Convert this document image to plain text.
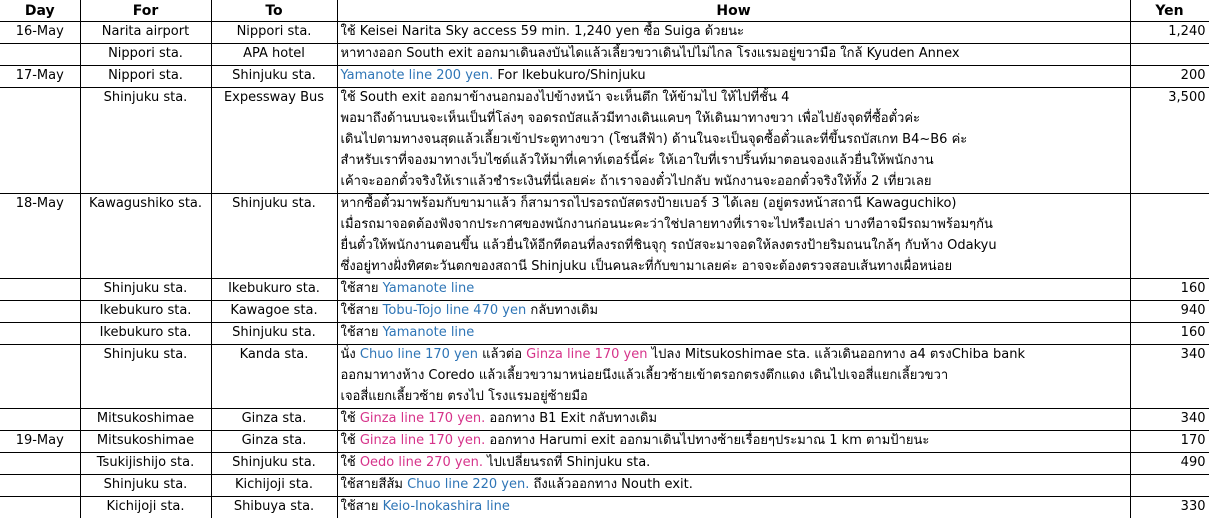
Day	For	To	How	Yen
16-May	Narita airport	Nippori sta.	ใช้ Keisei Narita Sky access 59 min. 1,240 yen ซื้อ Suiga ด้วยนะ	1,240
	Nippori sta.	APA hotel	หาทางออก South exit ออกมาเดินลงบันไดแล้วเลี้ยวขวาเดินไปไม่ไกล โรงแรมอยู่ขวามือ ใกล้ Kyuden Annex	

17-May	Nippori sta.	Shinjuku sta.	Yamanote line 200 yen. For Ikebukuro/Shinjuku	200
	Shinjuku sta.	Expessway Bus	ใช้ South exit ออกมาข้างนอกมองไปข้างหน้า จะเห็นตึก ให้ข้ามไป ให้ไปที่ชั้น 4
พอมาถึงด้านบนจะเห็นเป็นที่โล่งๆ จอดรถบัสแล้วมีทางเดินแคบๆ ให้เดินมาทางขวา เพื่อไปยังจุดที่ซื้อตั๋วค่ะ
เดินไปตามทางจนสุดแล้วเลี้ยวเข้าประตูทางขวา (โซนสีฟ้า) ด้านในจะเป็นจุดซื้อตั๋วและที่ขึ้นรถบัสเกท B4~B6 ค่ะ
สำหรับเราที่จองมาทางเว็บไซต์แล้วให้มาที่เคาท์เตอร์นี้ค่ะ ให้เอาใบที่เราปริ้นท์มาตอนจองแล้วยื่นให้พนักงาน
เค้าจะออกตั๋วจริงให้เราแล้วชำระเงินที่นี่เลยค่ะ ถ้าเราจองตั๋วไปกลับ พนักงานจะออกตั๋วจริงให้ทั้ง 2 เที่ยวเลย	3,500
18-May	Kawagushiko sta.	Shinjuku sta.	หากซื้อตั๋วมาพร้อมกับขามาแล้ว ก็สามารถไปรอรถบัสตรงป้ายเบอร์ 3 ได้เลย (อยู่ตรงหน้าสถานี Kawaguchiko)
เมื่อรถมาจอดต้องฟังจากประกาศของพนักงานก่อนนะคะว่าใช่ปลายทางที่เราจะไปหรือเปล่า บางทีอาจมีรถมาพร้อมๆกัน
ยื่นตั๋วให้พนักงานตอนขึ้น แล้วยื่นให้อีกทีตอนที่ลงรถที่ชินจุกุ รถบัสจะมาจอดให้ลงตรงป้ายริมถนนใกล้ๆ กับห้าง Odakyu
ซึ่งอยู่ทางฝั่งทิศตะวันตกของสถานี Shinjuku เป็นคนละที่กับขามาเลยค่ะ อาจจะต้องตรวจสอบเส้นทางเผื่อหน่อย	

	Shinjuku sta.	Ikebukuro sta.	ใช้สาย Yamanote line	160
	Ikebukuro sta.	Kawagoe sta.	ใช้สาย Tobu-Tojo line 470 yen กลับทางเดิม	940
	Ikebukuro sta.	Shinjuku sta.	ใช้สาย Yamanote line	160
	Shinjuku sta.	Kanda sta.	นั่ง Chuo line 170 yen แล้วต่อ Ginza line 170 yen ไปลง Mitsukoshimae sta. แล้วเดินออกทาง a4 ตรงChiba bank
ออกมาทางห้าง Coredo แล้วเลี้ยวขวามาหน่อยนึงแล้วเลี้ยวซ้ายเข้าตรอกตรงตึกแดง เดินไปเจอสี่แยกเลี้ยวขวา
เจอสี่แยกเลี้ยวซ้าย ตรงไป โรงแรมอยู่ซ้ายมือ	340
	Mitsukoshimae	Ginza sta.	ใช้ Ginza line 170 yen. ออกทาง B1 Exit กลับทางเดิม	340
19-May	Mitsukoshimae	Ginza sta.	ใช้ Ginza line 170 yen. ออกทาง Harumi exit ออกมาเดินไปทางซ้ายเรื่อยๆประมาณ 1 km ตามป้ายนะ	170
	Tsukijishijo sta.	Shinjuku sta.	ใช้ Oedo line 270 yen. ไปเปลี่ยนรถที่ Shinjuku sta.	490
	Shinjuku sta.	Kichijoji sta.	ใช้สายสีส้ม Chuo line 220 yen. ถึงแล้วออกทาง Nouth exit.	

	Kichijoji sta.	Shibuya sta.	ใช้สาย Keio-Inokashira line	330
